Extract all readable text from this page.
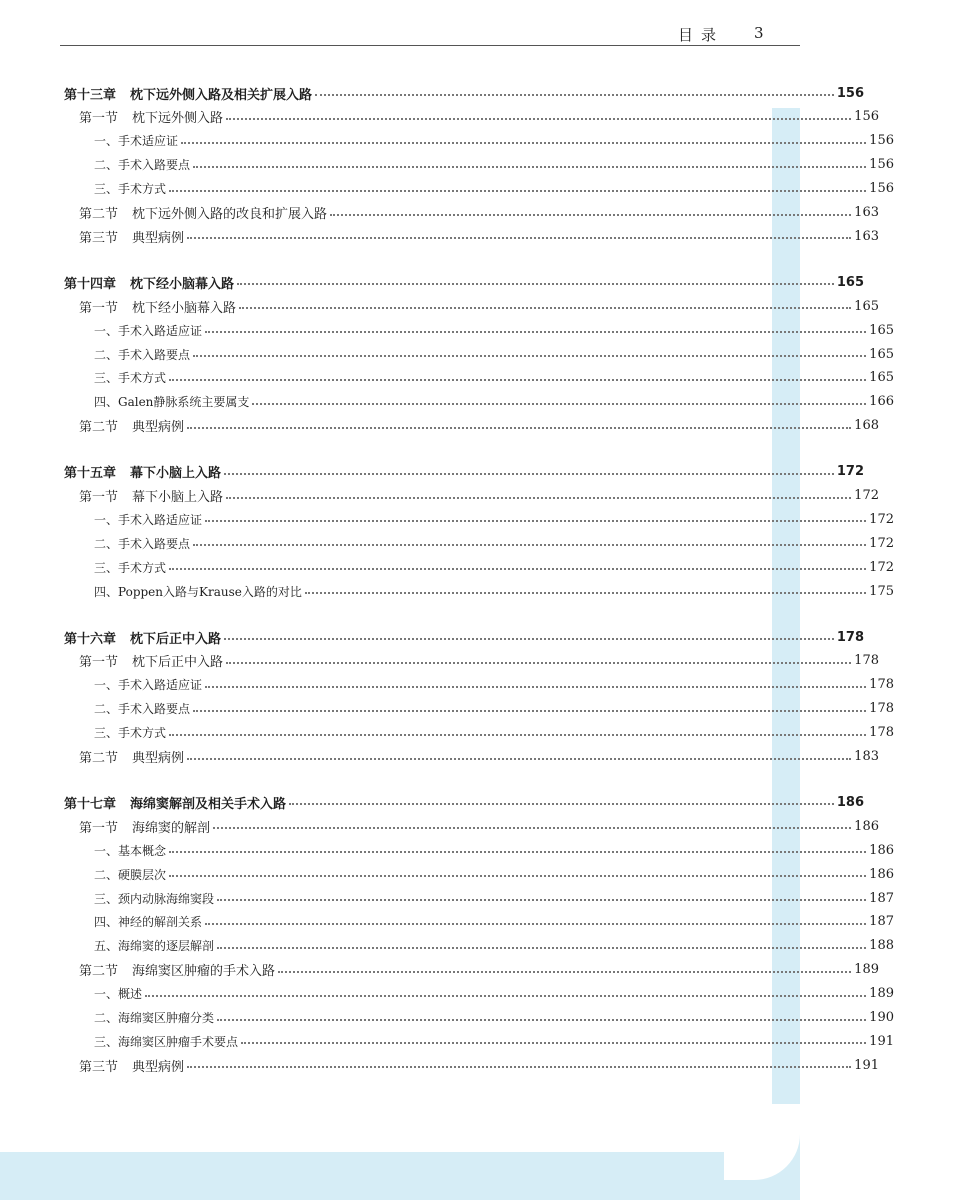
目录 3
第十三章 枕下远外侧入路及相关扩展入路	156
第一节 枕下远外侧入路	156
一、手术适应证	156
二、手术入路要点	156
三、手术方式	156
第二节 枕下远外侧入路的改良和扩展入路	163
第三节 典型病例	163
第十四章 枕下经小脑幕入路	165
第一节 枕下经小脑幕入路	165
一、手术入路适应证	165
二、手术入路要点	165
三、手术方式	165
四、Galen静脉系统主要属支	166
第二节 典型病例	168
第十五章 幕下小脑上入路	172
第一节 幕下小脑上入路	172
一、手术入路适应证	172
二、手术入路要点	172
三、手术方式	172
四、Poppen入路与Krause入路的对比	175
第十六章 枕下后正中入路	178
第一节 枕下后正中入路	178
一、手术入路适应证	178
二、手术入路要点	178
三、手术方式	178
第二节 典型病例	183
第十七章 海绵窦解剖及相关手术入路	186
第一节 海绵窦的解剖	186
一、基本概念	186
二、硬膜层次	186
三、颈内动脉海绵窦段	187
四、神经的解剖关系	187
五、海绵窦的逐层解剖	188
第二节 海绵窦区肿瘤的手术入路	189
一、概述	189
二、海绵窦区肿瘤分类	190
三、海绵窦区肿瘤手术要点	191
第三节 典型病例	191
